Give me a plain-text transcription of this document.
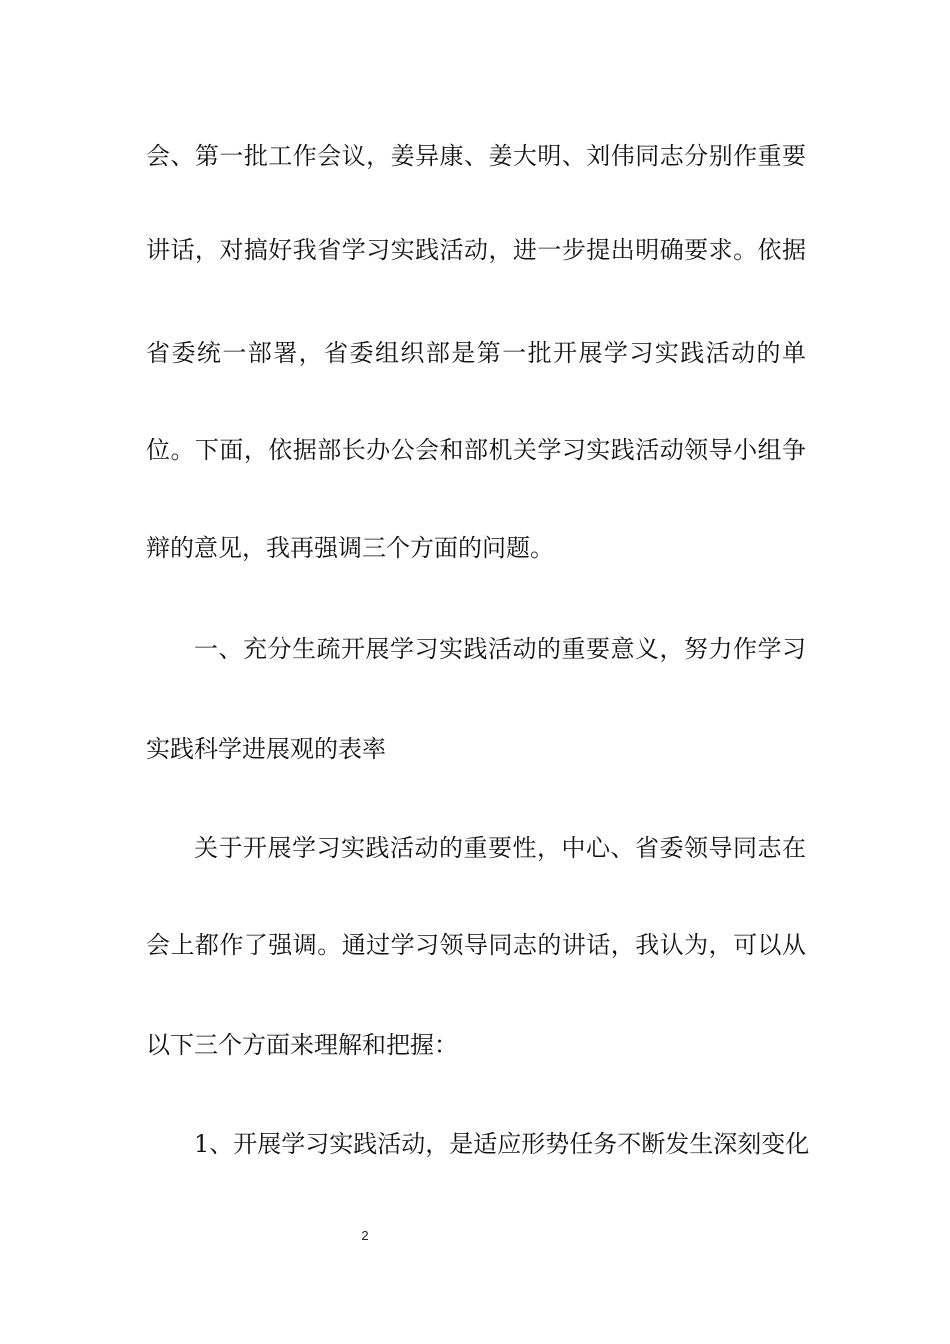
会、第一批工作会议，姜异康、姜大明、刘伟同志分别作重要
讲话，对搞好我省学习实践活动，进一步提出明确要求。依据
省委统一部署，省委组织部是第一批开展学习实践活动的单
位。下面，依据部长办公会和部机关学习实践活动领导小组争
辩的意见，我再强调三个方面的问题。
一、充分生疏开展学习实践活动的重要意义，努力作学习
实践科学进展观的表率
关于开展学习实践活动的重要性，中心、省委领导同志在
会上都作了强调。通过学习领导同志的讲话，我认为，可以从
以下三个方面来理解和把握：
1、开展学习实践活动，是适应形势任务不断发生深刻变化
2
